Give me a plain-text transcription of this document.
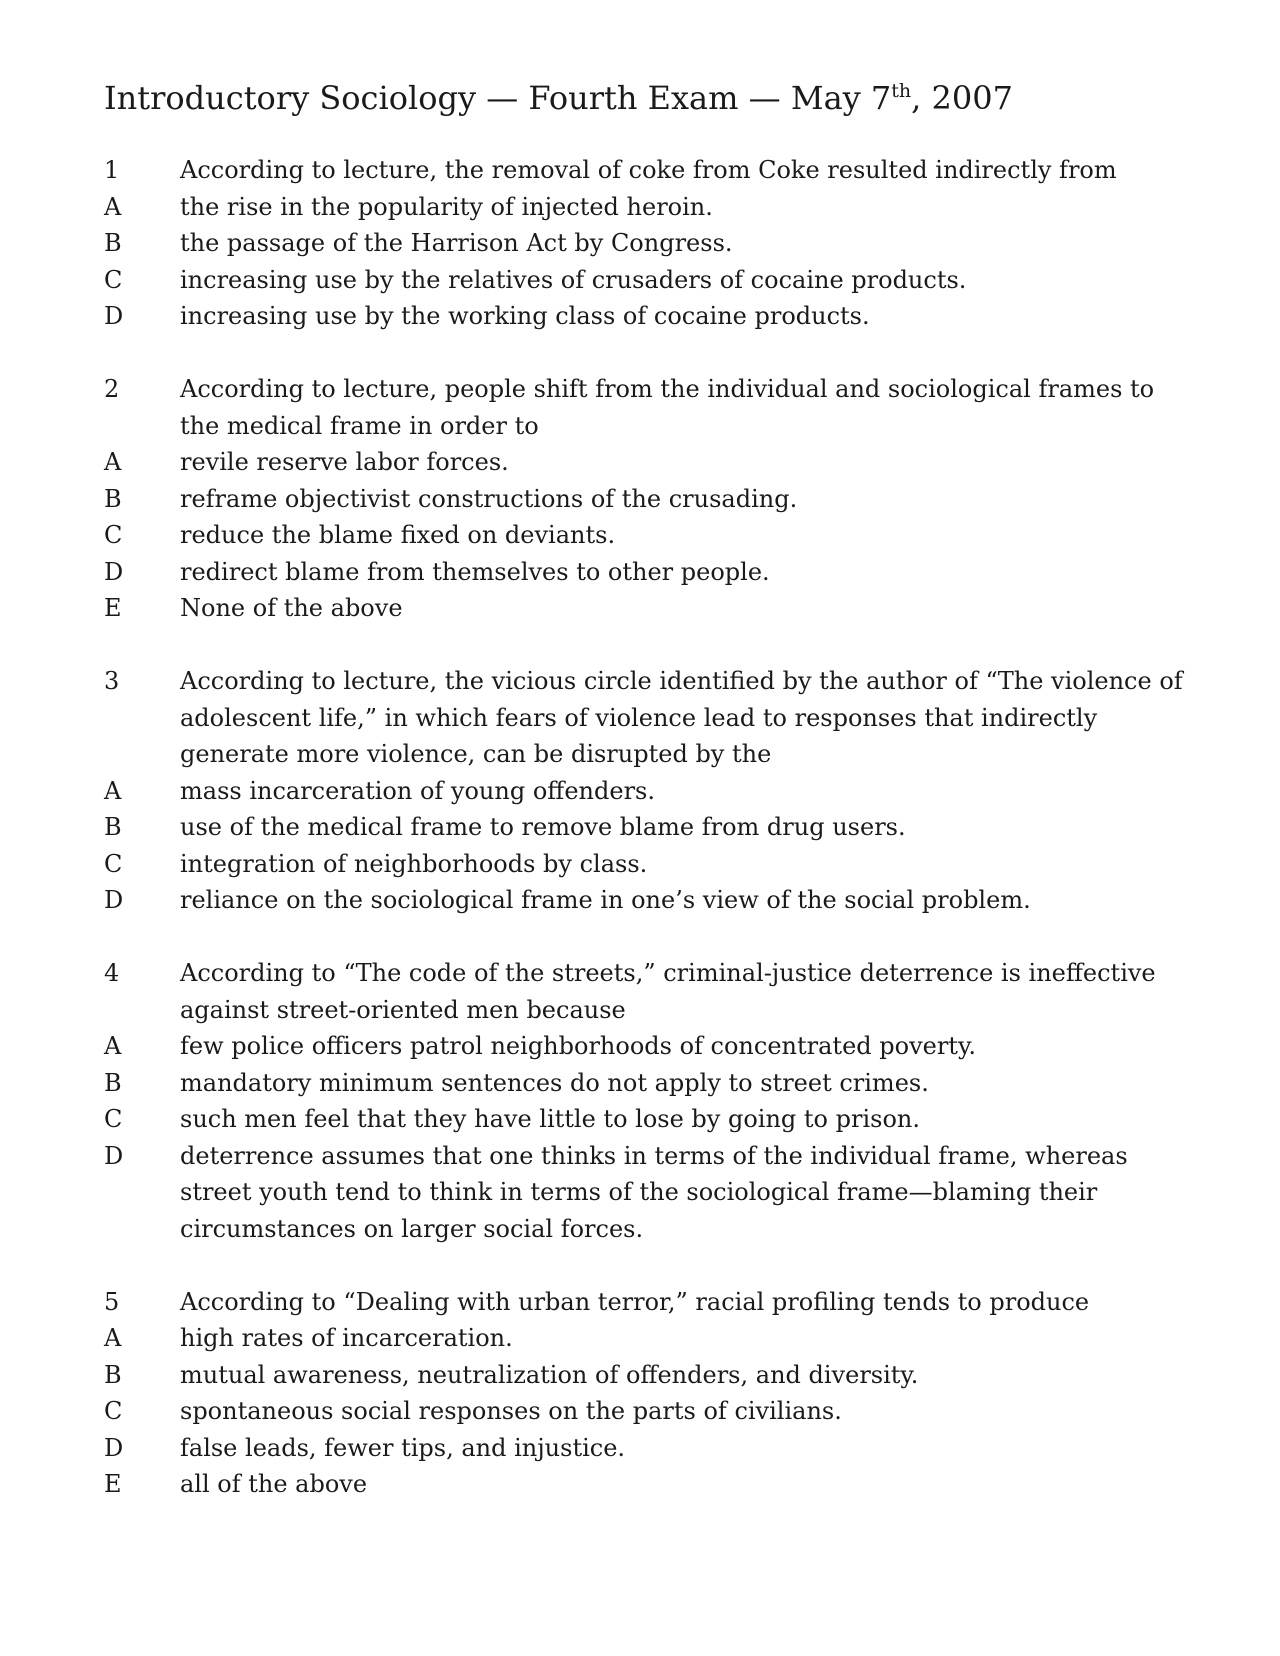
Introductory Sociology — Fourth Exam — May 7th, 2007
1	According to lecture, the removal of coke from Coke resulted indirectly from
A	the rise in the popularity of injected heroin.
B	the passage of the Harrison Act by Congress.
C	increasing use by the relatives of crusaders of cocaine products.
D	increasing use by the working class of cocaine products.
2	According to lecture, people shift from the individual and sociological frames to the medical frame in order to
A	revile reserve labor forces.
B	reframe objectivist constructions of the crusading.
C	reduce the blame fixed on deviants.
D	redirect blame from themselves to other people.
E	None of the above
3	According to lecture, the vicious circle identified by the author of “The violence of adolescent life,” in which fears of violence lead to responses that indirectly generate more violence, can be disrupted by the
A	mass incarceration of young offenders.
B	use of the medical frame to remove blame from drug users.
C	integration of neighborhoods by class.
D	reliance on the sociological frame in one’s view of the social problem.
4	According to “The code of the streets,” criminal-justice deterrence is ineffective against street-oriented men because
A	few police officers patrol neighborhoods of concentrated poverty.
B	mandatory minimum sentences do not apply to street crimes.
C	such men feel that they have little to lose by going to prison.
D	deterrence assumes that one thinks in terms of the individual frame, whereas street youth tend to think in terms of the sociological frame—blaming their circumstances on larger social forces.
5	According to “Dealing with urban terror,” racial profiling tends to produce
A	high rates of incarceration.
B	mutual awareness, neutralization of offenders, and diversity.
C	spontaneous social responses on the parts of civilians.
D	false leads, fewer tips, and injustice.
E	all of the above
